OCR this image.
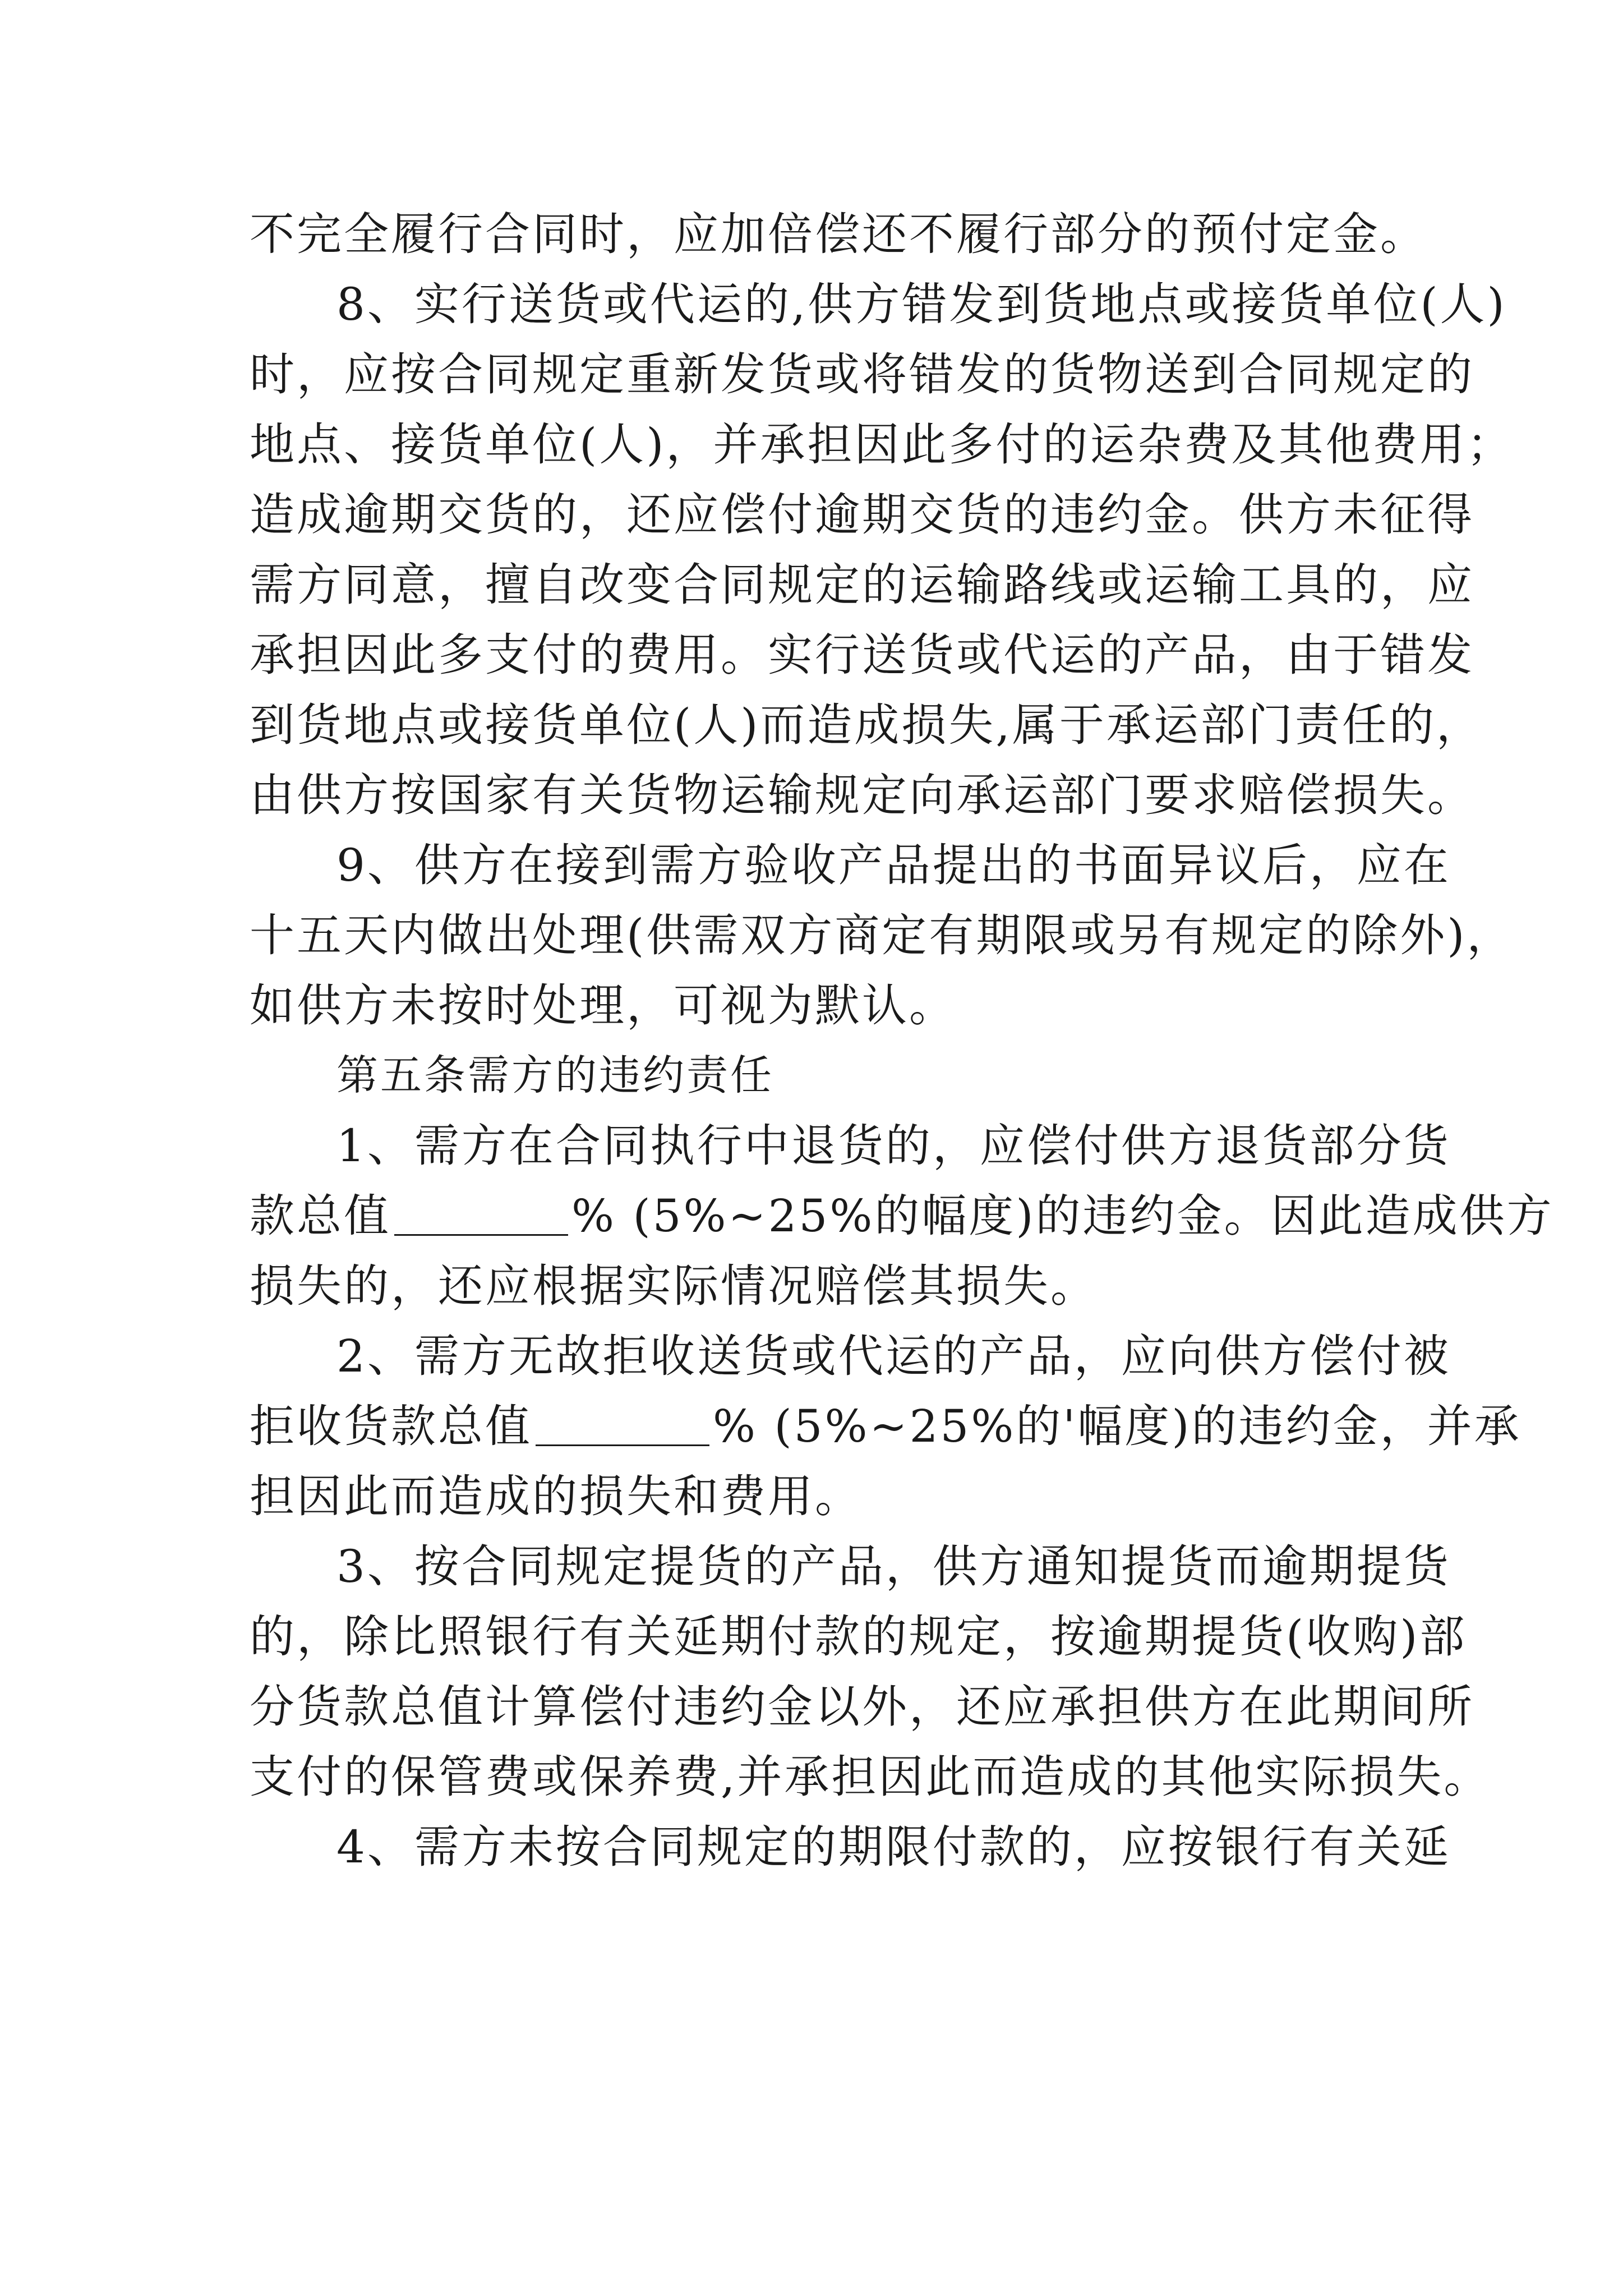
不完全履行合同时，应加倍偿还不履行部分的预付定金。
8、实行送货或代运的,供方错发到货地点或接货单位(人)
时，应按合同规定重新发货或将错发的货物送到合同规定的
地点、接货单位(人)，并承担因此多付的运杂费及其他费用；
造成逾期交货的，还应偿付逾期交货的违约金。供方未征得
需方同意，擅自改变合同规定的运输路线或运输工具的，应
承担因此多支付的费用。实行送货或代运的产品，由于错发
到货地点或接货单位(人)而造成损失,属于承运部门责任的，
由供方按国家有关货物运输规定向承运部门要求赔偿损失。
9、供方在接到需方验收产品提出的书面异议后，应在
十五天内做出处理(供需双方商定有期限或另有规定的除外)，
如供方未按时处理，可视为默认。
第五条需方的违约责任
1、需方在合同执行中退货的，应偿付供方退货部分货
款总值	% (5%~25%的幅度)的违约金。因此造成供方
损失的，还应根据实际情况赔偿其损失。
2、需方无故拒收送货或代运的产品，应向供方偿付被
拒收货款总值	% (5%~25%的'幅度)的违约金，并承
担因此而造成的损失和费用。
3、按合同规定提货的产品，供方通知提货而逾期提货
的，除比照银行有关延期付款的规定，按逾期提货(收购)部
分货款总值计算偿付违约金以外，还应承担供方在此期间所
支付的保管费或保养费,并承担因此而造成的其他实际损失。
4、需方未按合同规定的期限付款的，应按银行有关延
